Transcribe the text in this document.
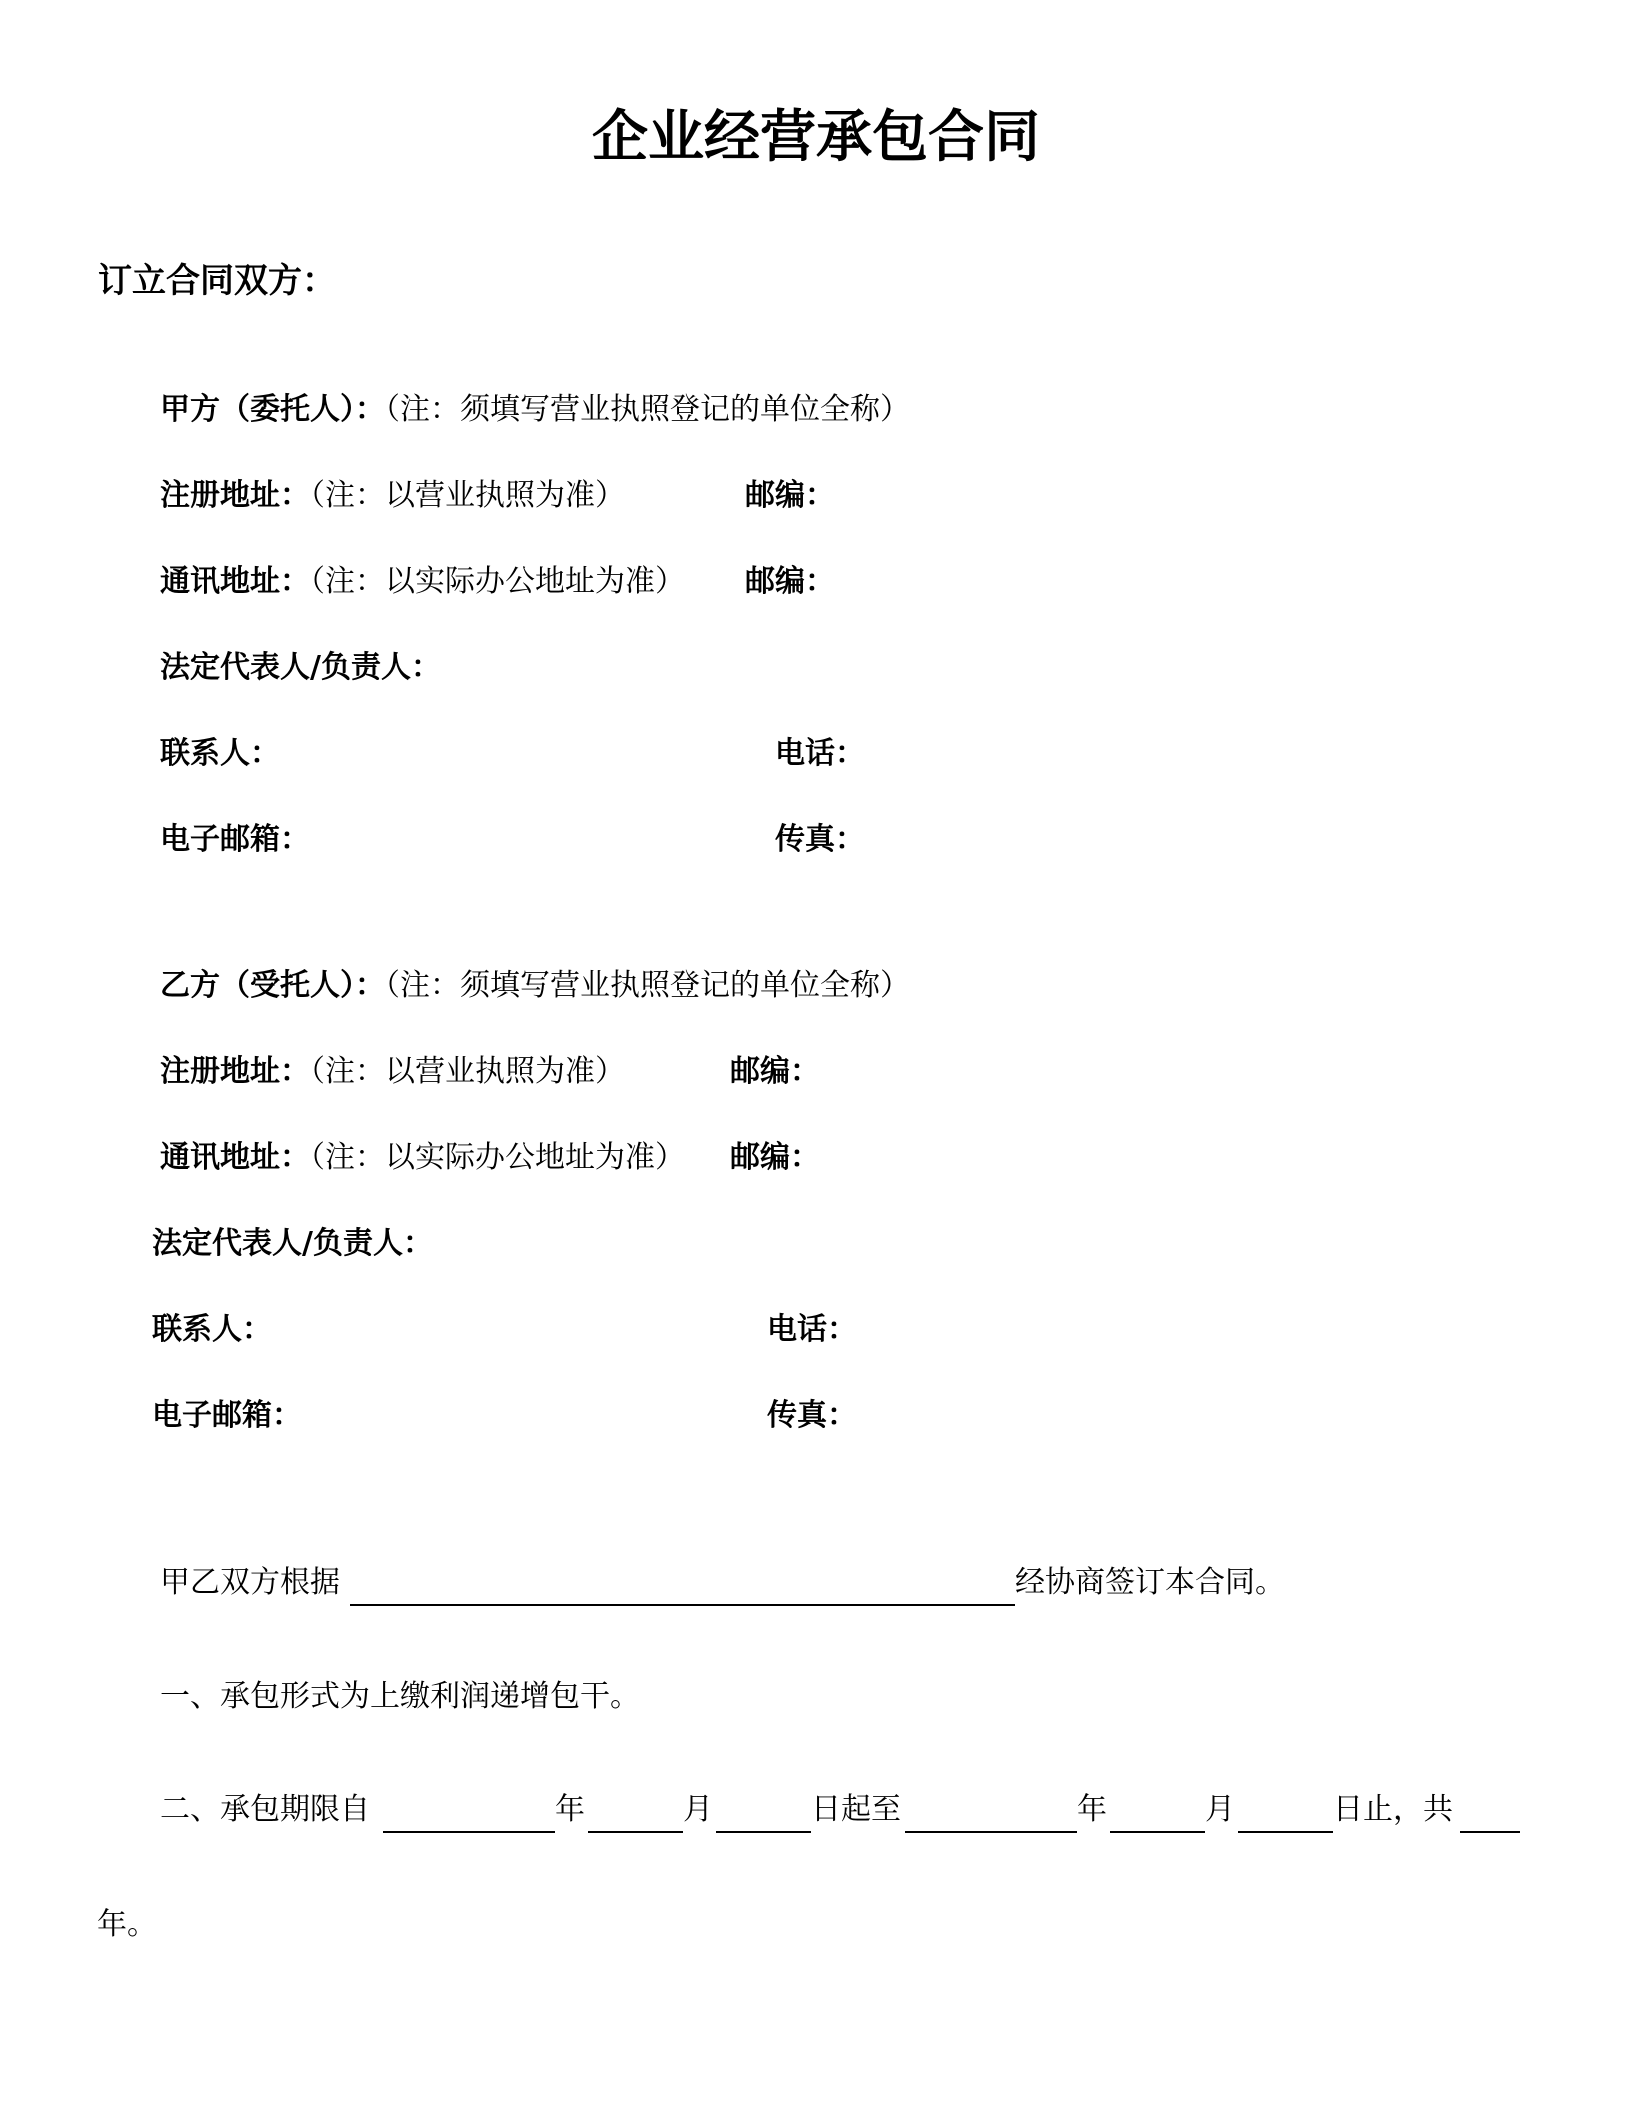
企业经营承包合同
订立合同双方：
甲方（委托人）：（注：须填写营业执照登记的单位全称）
注册地址：（注：以营业执照为准）	邮编：
通讯地址：（注：以实际办公地址为准） 邮编：
法定代表人/负责人：
联系人：	电话：
电子邮箱：	传真：
乙方（受托人）：（注：须填写营业执照登记的单位全称）
注册地址：（注：以营业执照为准）	邮编：
通讯地址：（注：以实际办公地址为准） 邮编：
法定代表人/负责人：
联系人：	电话：
电子邮箱：	传真：
甲乙双方根据	经协商签订本合同。
一、承包形式为上缴利润递增包干。
二、承包期限自	年	月	日起至	年	月	日止，共
年。
